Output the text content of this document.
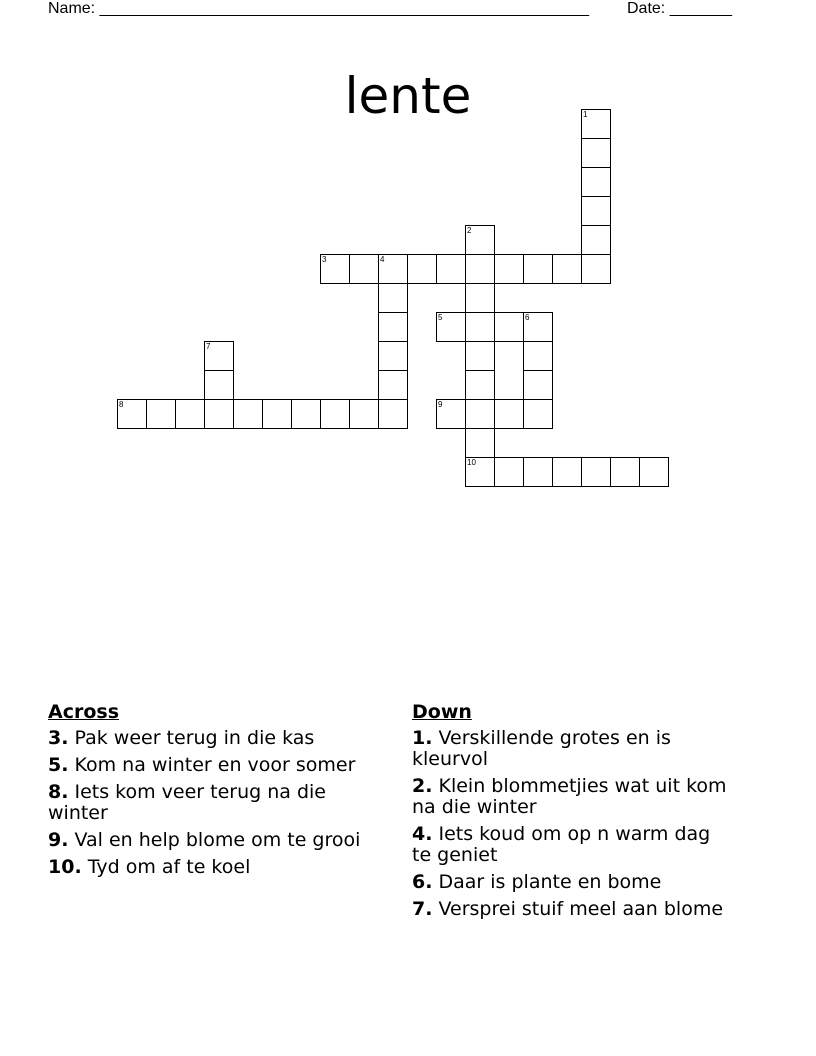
Name: _______________________________________________________ Date: _______
lente	1
2
10
3	4
5	6
7
8	9
Across
3. Pak weer terug in die kas
5. Kom na winter en voor somer
8. Iets kom veer terug na die winter
9. Val en help blome om te grooi
10. Tyd om af te koel
Down
1. Verskillende grotes en is kleurvol
2. Klein blommetjies wat uit kom na die winter
4. Iets koud om op n warm dag te geniet
6. Daar is plante en bome
7. Versprei stuif meel aan blome
